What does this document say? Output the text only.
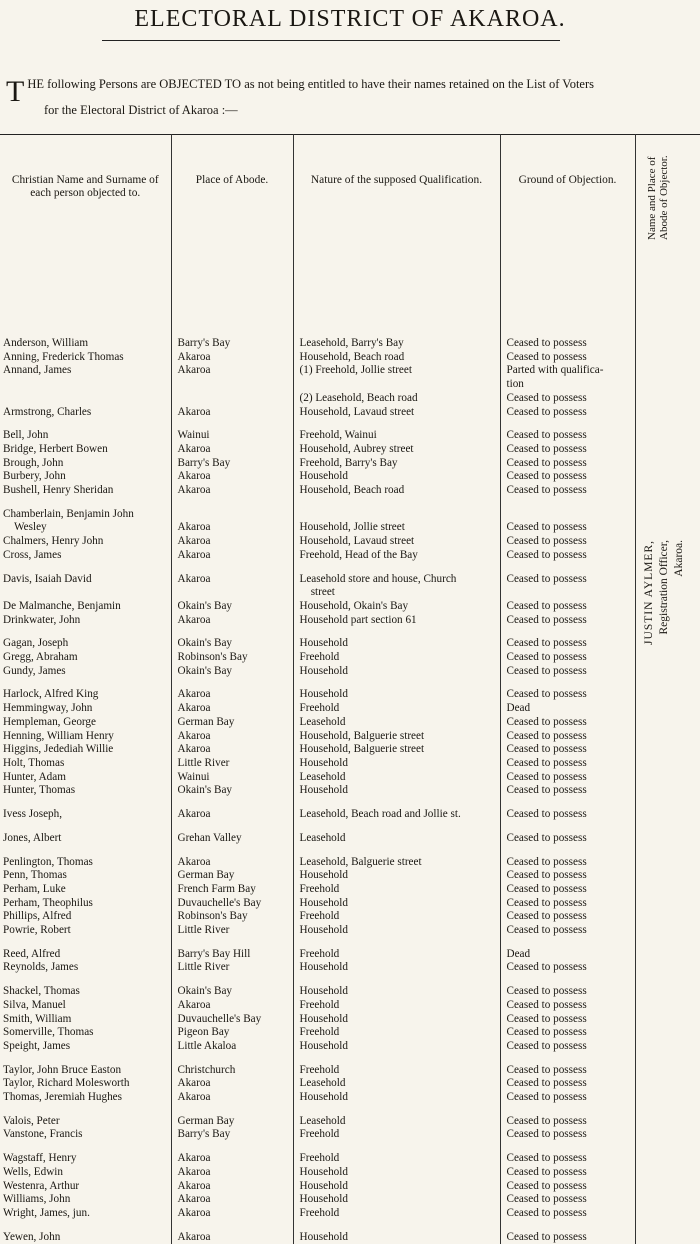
ELECTORAL DISTRICT OF AKAROA.
T HE following Persons are OBJECTED TO as not being entitled to have their names retained on the List of Voters
for the Electoral District of Akaroa :—
Christian Name and Surname of each person objected to.	Place of Abode.	Nature of the supposed Qualification.	Ground of Objection.	
Anderson, William	Barry's Bay	Leasehold, Barry's Bay	Ceased to possess	
Anning, Frederick Thomas	Akaroa	Household, Beach road	Ceased to possess	
Annand, James	Akaroa	(1) Freehold, Jollie street	Parted with qualifica-	
			tion	
		(2) Leasehold, Beach road	Ceased to possess	
Armstrong, Charles	Akaroa	Household, Lavaud street	Ceased to possess	

Bell, John	Wainui	Freehold, Wainui	Ceased to possess	
Bridge, Herbert Bowen	Akaroa	Household, Aubrey street	Ceased to possess	
Brough, John	Barry's Bay	Freehold, Barry's Bay	Ceased to possess	
Burbery, John	Akaroa	Household	Ceased to possess	
Bushell, Henry Sheridan	Akaroa	Household, Beach road	Ceased to possess	

Chamberlain, Benjamin John				
Wesley	Akaroa	Household, Jollie street	Ceased to possess	
Chalmers, Henry John	Akaroa	Household, Lavaud street	Ceased to possess	
Cross, James	Akaroa	Freehold, Head of the Bay	Ceased to possess	

Davis, Isaiah David	Akaroa	Leasehold store and house, Church	Ceased to possess	
		street		
De Malmanche, Benjamin	Okain's Bay	Household, Okain's Bay	Ceased to possess	
Drinkwater, John	Akaroa	Household part section 61	Ceased to possess	

Gagan, Joseph	Okain's Bay	Household	Ceased to possess	
Gregg, Abraham	Robinson's Bay	Freehold	Ceased to possess	
Gundy, James	Okain's Bay	Household	Ceased to possess	

Harlock, Alfred King	Akaroa	Household	Ceased to possess	
Hemmingway, John	Akaroa	Freehold	Dead	
Hempleman, George	German Bay	Leasehold	Ceased to possess	
Henning, William Henry	Akaroa	Household, Balguerie street	Ceased to possess	
Higgins, Jedediah Willie	Akaroa	Household, Balguerie street	Ceased to possess	
Holt, Thomas	Little River	Household	Ceased to possess	
Hunter, Adam	Wainui	Leasehold	Ceased to possess	
Hunter, Thomas	Okain's Bay	Household	Ceased to possess	

Ivess Joseph,	Akaroa	Leasehold, Beach road and Jollie st.	Ceased to possess	

Jones, Albert	Grehan Valley	Leasehold	Ceased to possess	

Penlington, Thomas	Akaroa	Leasehold, Balguerie street	Ceased to possess	
Penn, Thomas	German Bay	Household	Ceased to possess	
Perham, Luke	French Farm Bay	Freehold	Ceased to possess	
Perham, Theophilus	Duvauchelle's Bay	Household	Ceased to possess	
Phillips, Alfred	Robinson's Bay	Freehold	Ceased to possess	
Powrie, Robert	Little River	Household	Ceased to possess	

Reed, Alfred	Barry's Bay Hill	Freehold	Dead	
Reynolds, James	Little River	Household	Ceased to possess	

Shackel, Thomas	Okain's Bay	Household	Ceased to possess	
Silva, Manuel	Akaroa	Freehold	Ceased to possess	
Smith, William	Duvauchelle's Bay	Household	Ceased to possess	
Somerville, Thomas	Pigeon Bay	Freehold	Ceased to possess	
Speight, James	Little Akaloa	Household	Ceased to possess	

Taylor, John Bruce Easton	Christchurch	Freehold	Ceased to possess	
Taylor, Richard Molesworth	Akaroa	Leasehold	Ceased to possess	
Thomas, Jeremiah Hughes	Akaroa	Household	Ceased to possess	

Valois, Peter	German Bay	Leasehold	Ceased to possess	
Vanstone, Francis	Barry's Bay	Freehold	Ceased to possess	

Wagstaff, Henry	Akaroa	Freehold	Ceased to possess	
Wells, Edwin	Akaroa	Household	Ceased to possess	
Westenra, Arthur	Akaroa	Household	Ceased to possess	
Williams, John	Akaroa	Household	Ceased to possess	
Wright, James, jun.	Akaroa	Freehold	Ceased to possess	

Yewen, John	Akaroa	Household	Ceased to possess	
Name and Place of Abode of Objector.
JUSTIN AYLMER, Registration Officer, Akaroa.
